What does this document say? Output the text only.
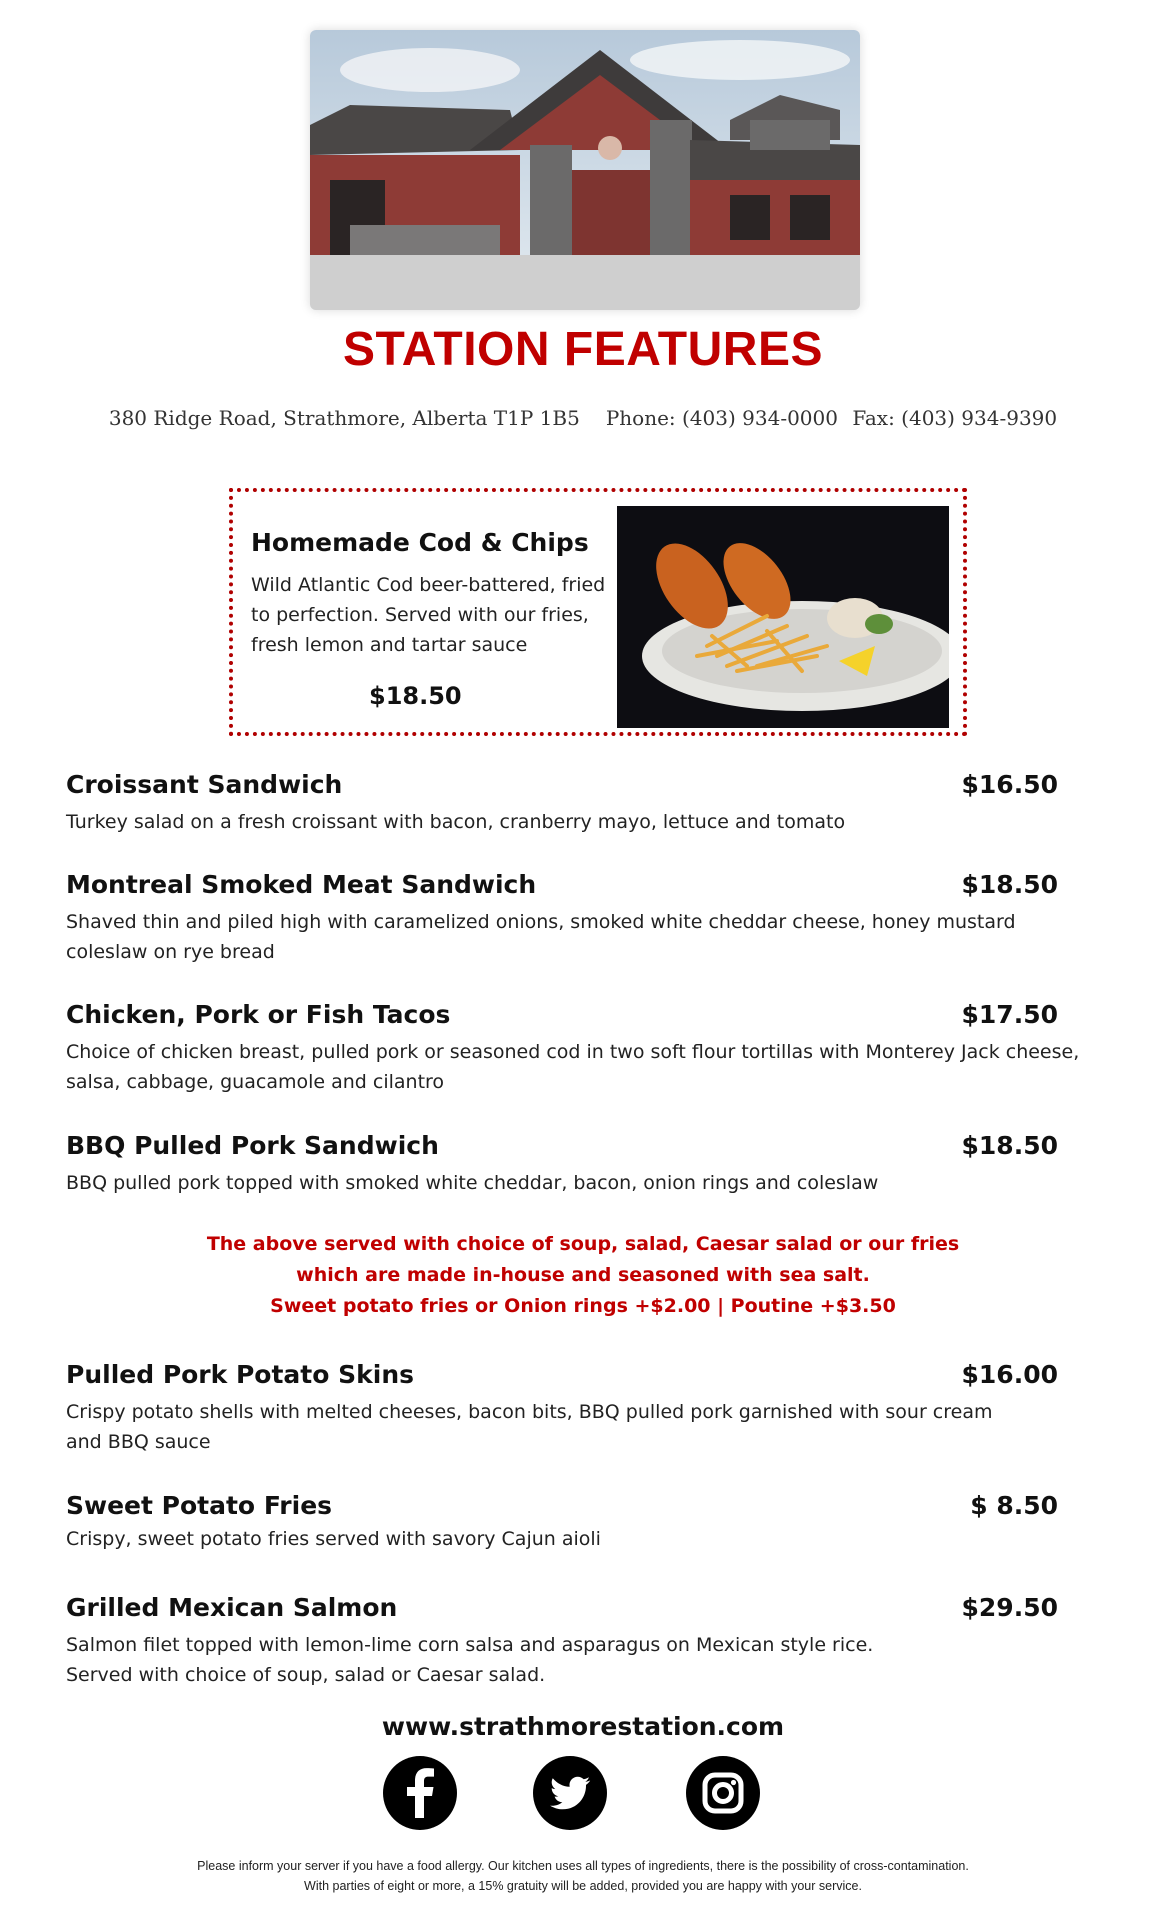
STATION FEATURES
380 Ridge Road, Strathmore, Alberta T1P 1B5 Phone: (403) 934-0000 Fax: (403) 934-9390
Homemade Cod & Chips
Wild Atlantic Cod beer-battered, fried to perfection. Served with our fries, fresh lemon and tartar sauce
$18.50
Croissant Sandwich	$16.50
Turkey salad on a fresh croissant with bacon, cranberry mayo, lettuce and tomato
Montreal Smoked Meat Sandwich	$18.50
Shaved thin and piled high with caramelized onions, smoked white cheddar cheese, honey mustard coleslaw on rye bread
Chicken, Pork or Fish Tacos	$17.50
Choice of chicken breast, pulled pork or seasoned cod in two soft flour tortillas with Monterey Jack cheese, salsa, cabbage, guacamole and cilantro
BBQ Pulled Pork Sandwich	$18.50
BBQ pulled pork topped with smoked white cheddar, bacon, onion rings and coleslaw
The above served with choice of soup, salad, Caesar salad or our fries
which are made in-house and seasoned with sea salt.
Sweet potato fries or Onion rings +$2.00 | Poutine +$3.50
Pulled Pork Potato Skins	$16.00
Crispy potato shells with melted cheeses, bacon bits, BBQ pulled pork garnished with sour cream and BBQ sauce
Sweet Potato Fries	$ 8.50
Crispy, sweet potato fries served with savory Cajun aioli
Grilled Mexican Salmon	$29.50
Salmon filet topped with lemon-lime corn salsa and asparagus on Mexican style rice. Served with choice of soup, salad or Caesar salad.
www.strathmorestation.com
Please inform your server if you have a food allergy. Our kitchen uses all types of ingredients, there is the possibility of cross-contamination.
With parties of eight or more, a 15% gratuity will be added, provided you are happy with your service.
